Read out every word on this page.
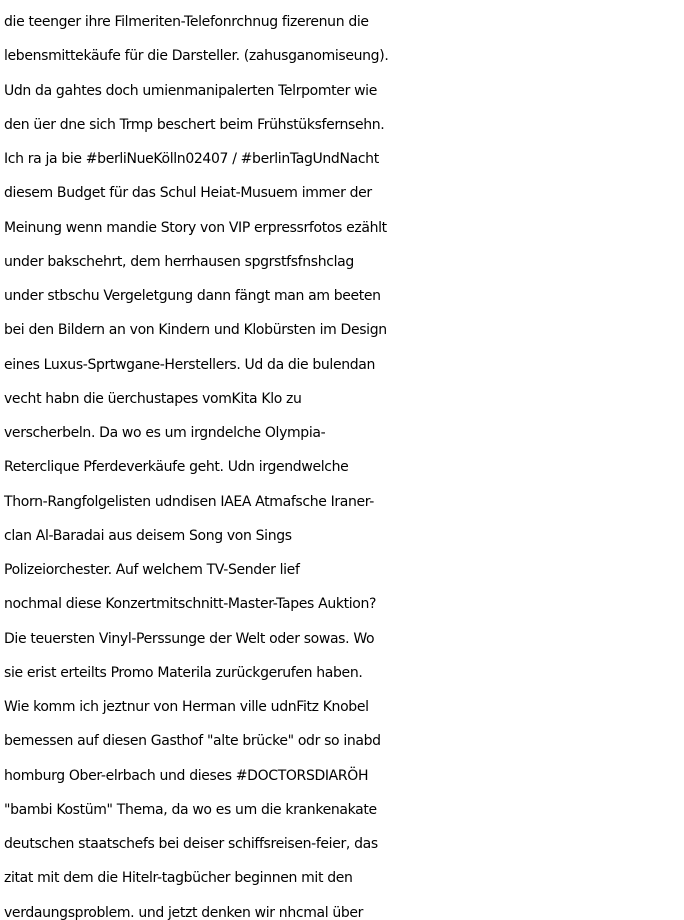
die teenger ihre Filmeriten-Telefonrchnug fizerenun die
lebensmittekäufe für die Darsteller. (zahusganomiseung).
Udn da gahtes doch umienmanipalerten Telrpomter wie
den üer dne sich Trmp beschert beim Frühstüksfernsehn.
Ich ra ja bie #berliNueKölln02407 / #berlinTagUndNacht
diesem Budget für das Schul Heiat-Musuem immer der
Meinung wenn mandie Story von VIP erpressrfotos ezählt
under bakschehrt, dem herrhausen spgrstfsfnshclag
under stbschu Vergeletgung dann fängt man am beeten
bei den Bildern an von Kindern und Klobürsten im Design
eines Luxus-Sprtwgane-Herstellers. Ud da die bulendan
vecht habn die üerchustapes vomKita Klo zu
verscherbeln. Da wo es um irgndelche Olympia-
Reterclique Pferdeverkäufe geht. Udn irgendwelche
Thorn-Rangfolgelisten udndisen IAEA Atmafsche Iraner-
clan Al-Baradai aus deisem Song von Sings
Polizeiorchester. Auf welchem TV-Sender lief
nochmal diese Konzertmitschnitt-Master-Tapes Auktion?
Die teuersten Vinyl-Perssunge der Welt oder sowas. Wo
sie erist erteilts Promo Materila zurückgerufen haben.
Wie komm ich jeztnur von Herman ville udnFitz Knobel
bemessen auf diesen Gasthof "alte brücke" odr so inabd
homburg Ober-elrbach und dieses #DOCTORSDIARÖH
"bambi Kostüm" Thema, da wo es um die krankenakate
deutschen staatschefs bei deiser schiffsreisen-feier, das
zitat mit dem die Hitelr-tagbücher beginnen mit den
verdaungsproblem. und jetzt denken wir nhcmal über
